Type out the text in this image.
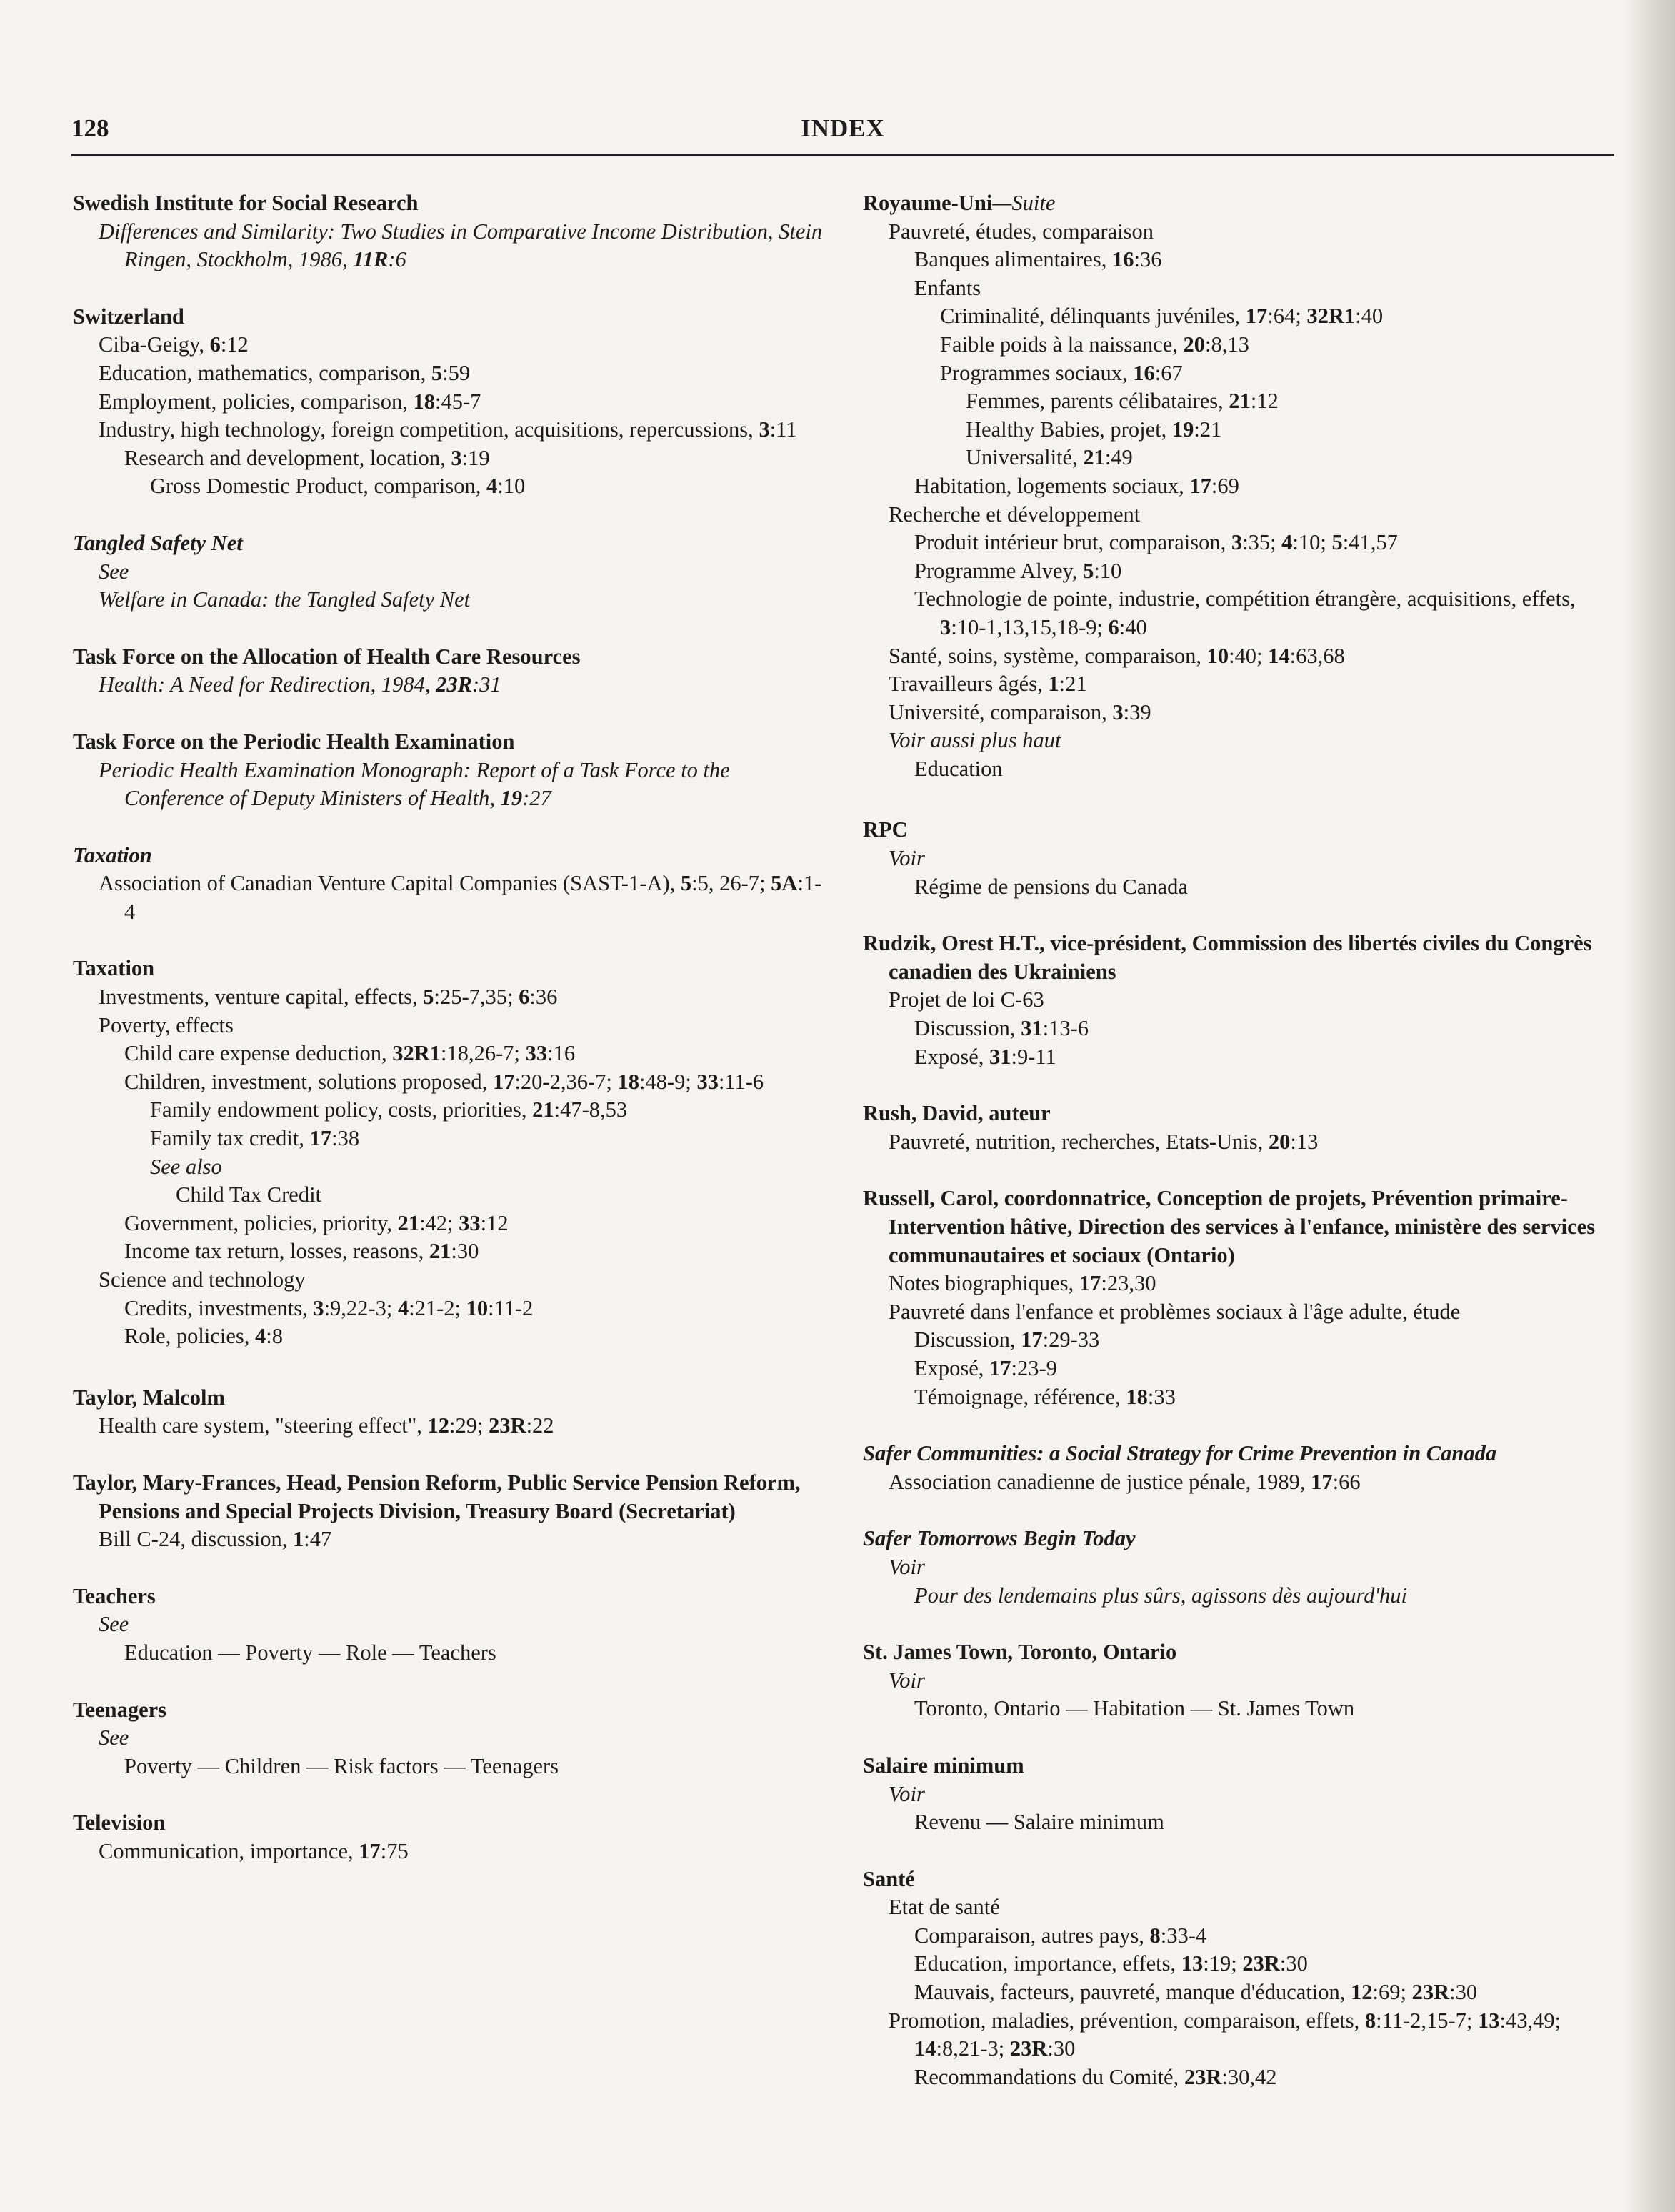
128	INDEX
Swedish Institute for Social Research
Differences and Similarity: Two Studies in Comparative Income Distribution, Stein Ringen, Stockholm, 1986, 11R:6
Switzerland
Ciba-Geigy, 6:12
Education, mathematics, comparison, 5:59
Employment, policies, comparison, 18:45-7
Industry, high technology, foreign competition, acquisitions, repercussions, 3:11
Research and development, location, 3:19
Gross Domestic Product, comparison, 4:10
Tangled Safety Net
See
Welfare in Canada: the Tangled Safety Net
Task Force on the Allocation of Health Care Resources
Health: A Need for Redirection, 1984, 23R:31
Task Force on the Periodic Health Examination
Periodic Health Examination Monograph: Report of a Task Force to the Conference of Deputy Ministers of Health, 19:27
Taxation
Association of Canadian Venture Capital Companies (SAST-1-A), 5:5, 26-7; 5A:1-4
Taxation
Investments, venture capital, effects, 5:25-7,35; 6:36
Poverty, effects
Child care expense deduction, 32R1:18,26-7; 33:16
Children, investment, solutions proposed, 17:20-2,36-7; 18:48-9; 33:11-6
Family endowment policy, costs, priorities, 21:47-8,53
Family tax credit, 17:38
See also
Child Tax Credit
Government, policies, priority, 21:42; 33:12
Income tax return, losses, reasons, 21:30
Science and technology
Credits, investments, 3:9,22-3; 4:21-2; 10:11-2
Role, policies, 4:8
Taylor, Malcolm
Health care system, "steering effect", 12:29; 23R:22
Taylor, Mary-Frances, Head, Pension Reform, Public Service Pension Reform, Pensions and Special Projects Division, Treasury Board (Secretariat)
Bill C-24, discussion, 1:47
Teachers
See
Education — Poverty — Role — Teachers
Teenagers
See
Poverty — Children — Risk factors — Teenagers
Television
Communication, importance, 17:75
Royaume-Uni—Suite
Pauvreté, études, comparaison
Banques alimentaires, 16:36
Enfants
Criminalité, délinquants juvéniles, 17:64; 32R1:40
Faible poids à la naissance, 20:8,13
Programmes sociaux, 16:67
Femmes, parents célibataires, 21:12
Healthy Babies, projet, 19:21
Universalité, 21:49
Habitation, logements sociaux, 17:69
Recherche et développement
Produit intérieur brut, comparaison, 3:35; 4:10; 5:41,57
Programme Alvey, 5:10
Technologie de pointe, industrie, compétition étrangère, acquisitions, effets, 3:10-1,13,15,18-9; 6:40
Santé, soins, système, comparaison, 10:40; 14:63,68
Travailleurs âgés, 1:21
Université, comparaison, 3:39
Voir aussi plus haut
Education
RPC
Voir
Régime de pensions du Canada
Rudzik, Orest H.T., vice-président, Commission des libertés civiles du Congrès canadien des Ukrainiens
Projet de loi C-63
Discussion, 31:13-6
Exposé, 31:9-11
Rush, David, auteur
Pauvreté, nutrition, recherches, Etats-Unis, 20:13
Russell, Carol, coordonnatrice, Conception de projets, Prévention primaire-Intervention hâtive, Direction des services à l'enfance, ministère des services communautaires et sociaux (Ontario)
Notes biographiques, 17:23,30
Pauvreté dans l'enfance et problèmes sociaux à l'âge adulte, étude
Discussion, 17:29-33
Exposé, 17:23-9
Témoignage, référence, 18:33
Safer Communities: a Social Strategy for Crime Prevention in Canada
Association canadienne de justice pénale, 1989, 17:66
Safer Tomorrows Begin Today
Voir
Pour des lendemains plus sûrs, agissons dès aujourd'hui
St. James Town, Toronto, Ontario
Voir
Toronto, Ontario — Habitation — St. James Town
Salaire minimum
Voir
Revenu — Salaire minimum
Santé
Etat de santé
Comparaison, autres pays, 8:33-4
Education, importance, effets, 13:19; 23R:30
Mauvais, facteurs, pauvreté, manque d'éducation, 12:69; 23R:30
Promotion, maladies, prévention, comparaison, effets, 8:11-2,15-7; 13:43,49; 14:8,21-3; 23R:30
Recommandations du Comité, 23R:30,42
